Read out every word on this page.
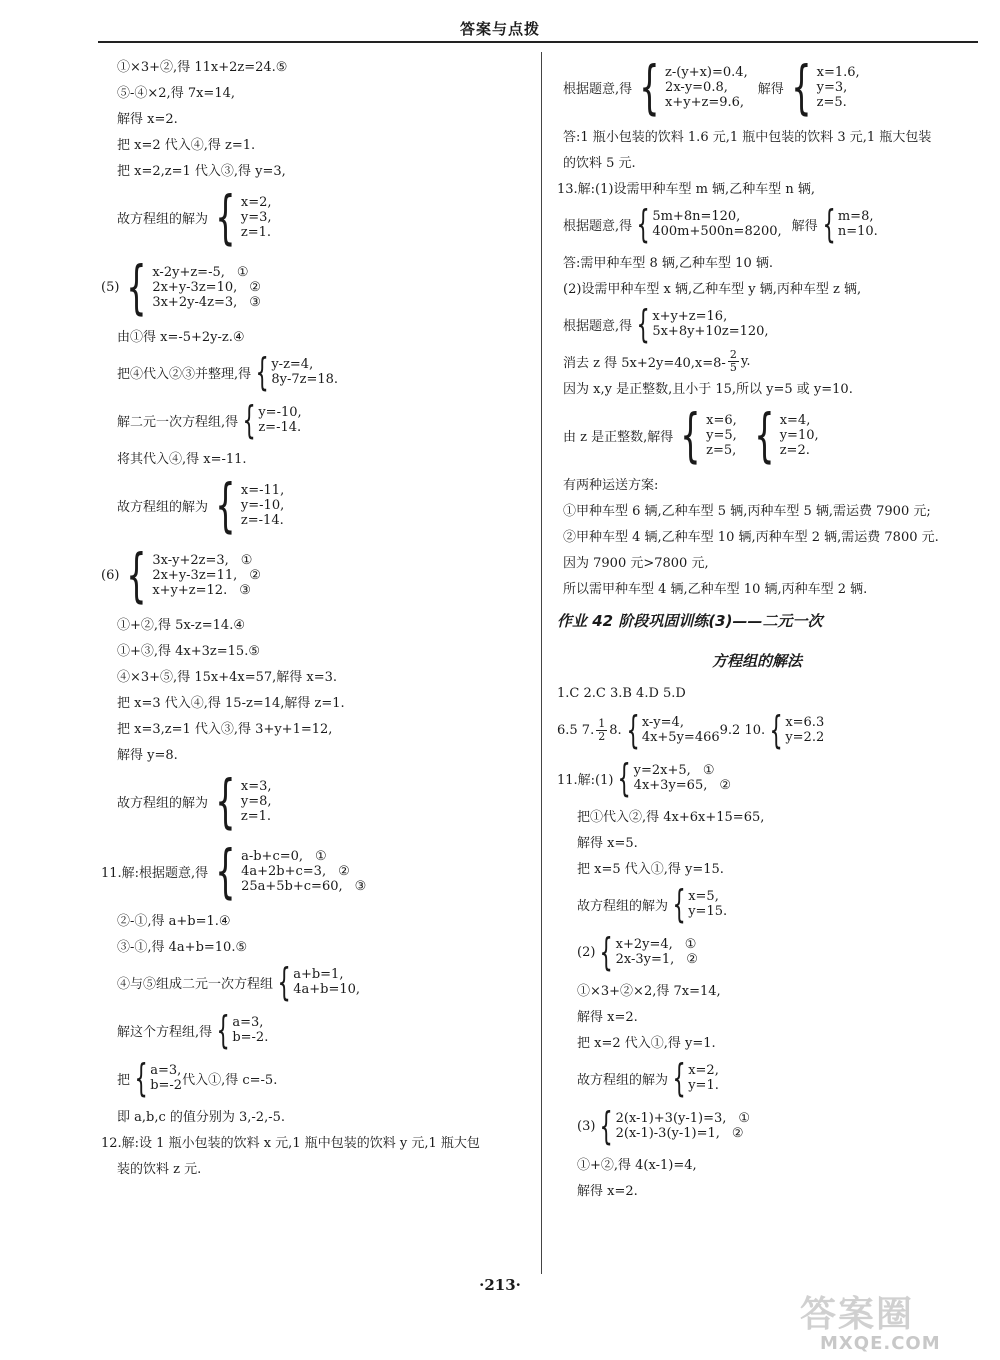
答案与点拨
①×3+②,得 11x+2z=24.⑤
⑤-④×2,得 7x=14,
解得 x=2.
把 x=2 代入④,得 z=1.
把 x=2,z=1 代入③,得 y=3,
故方程组的解为 { x=2,
y=3,
z=1.
(5) { x-2y+z=-5, ①
2x+y-3z=10, ②
3x+2y-4z=3, ③
由①得 x=-5+2y-z.④
把④代入②③并整理,得 { y-z=4,
8y-7z=18.
解二元一次方程组,得 { y=-10,
z=-14.
将其代入④,得 x=-11.
故方程组的解为 { x=-11,
y=-10,
z=-14.
(6) { 3x-y+2z=3, ①
2x+y-3z=11, ②
x+y+z=12. ③
①+②,得 5x-z=14.④
①+③,得 4x+3z=15.⑤
④×3+⑤,得 15x+4x=57,解得 x=3.
把 x=3 代入④,得 15-z=14,解得 z=1.
把 x=3,z=1 代入③,得 3+y+1=12,
解得 y=8.
故方程组的解为 { x=3,
y=8,
z=1.
11.解:根据题意,得 { a-b+c=0, ①
4a+2b+c=3, ②
25a+5b+c=60, ③
②-①,得 a+b=1.④
③-①,得 4a+b=10.⑤
④与⑤组成二元一次方程组 { a+b=1,
4a+b=10,
解这个方程组,得 { a=3,
b=-2.
把 { a=3,
b=-2 代入①,得 c=-5.
即 a,b,c 的值分别为 3,-2,-5.
12.解:设 1 瓶小包装的饮料 x 元,1 瓶中包装的饮料 y 元,1 瓶大包
装的饮料 z 元.
根据题意,得 { z-(y+x)=0.4,
2x-y=0.8,
x+y+z=9.6,
解得 { x=1.6,
y=3,
z=5.
答:1 瓶小包装的饮料 1.6 元,1 瓶中包装的饮料 3 元,1 瓶大包装
的饮料 5 元.
13.解:(1)设需甲种车型 m 辆,乙种车型 n 辆,
根据题意,得 { 5m+8n=120,
400m+500n=8200, 解得 { m=8,
n=10.
答:需甲种车型 8 辆,乙种车型 10 辆.
(2)设需甲种车型 x 辆,乙种车型 y 辆,丙种车型 z 辆,
根据题意,得 { x+y+z=16,
5x+8y+10z=120,
消去 z 得 $5x+2y=40,x=8- \frac{2}{5} y$.
因为 x,y 是正整数,且小于 15,所以 y=5 或 y=10.
由 z 是正整数,解得 { x=6,
y=5,
z=5, { x=4,
y=10,
z=2.
有两种运送方案:
①甲种车型 6 辆,乙种车型 5 辆,丙种车型 5 辆,需运费 7900 元;
②甲种车型 4 辆,乙种车型 10 辆,丙种车型 2 辆,需运费 7800 元.
因为 7900 元>7800 元,
所以需甲种车型 4 辆,乙种车型 10 辆,丙种车型 2 辆.
作业 42 阶段巩固训练(3)——二元一次
方程组的解法
1.C 2.C 3.B 4.D 5.D
6.5 7. $\frac{1}{2} 8$. { x-y=4,
4x+5y=466 9.2 10. { x=6.3
y=2.2
11.解:(1) { y=2x+5, ①
4x+3y=65, ②
把①代入②,得 4x+6x+15=65,
解得 x=5.
把 x=5 代入①,得 y=15.
故方程组的解为 { x=5,
y=15.
(2) { x+2y=4, ①
2x-3y=1, ②
①×3+②×2,得 7x=14,
解得 x=2.
把 x=2 代入①,得 y=1.
故方程组的解为 { x=2,
y=1.
(3) { 2(x-1)+3(y-1)=3, ①
2(x-1)-3(y-1)=1, ②
①+②,得 4(x-1)=4,
解得 x=2.
·213·
答案圈
MXQE.COM
